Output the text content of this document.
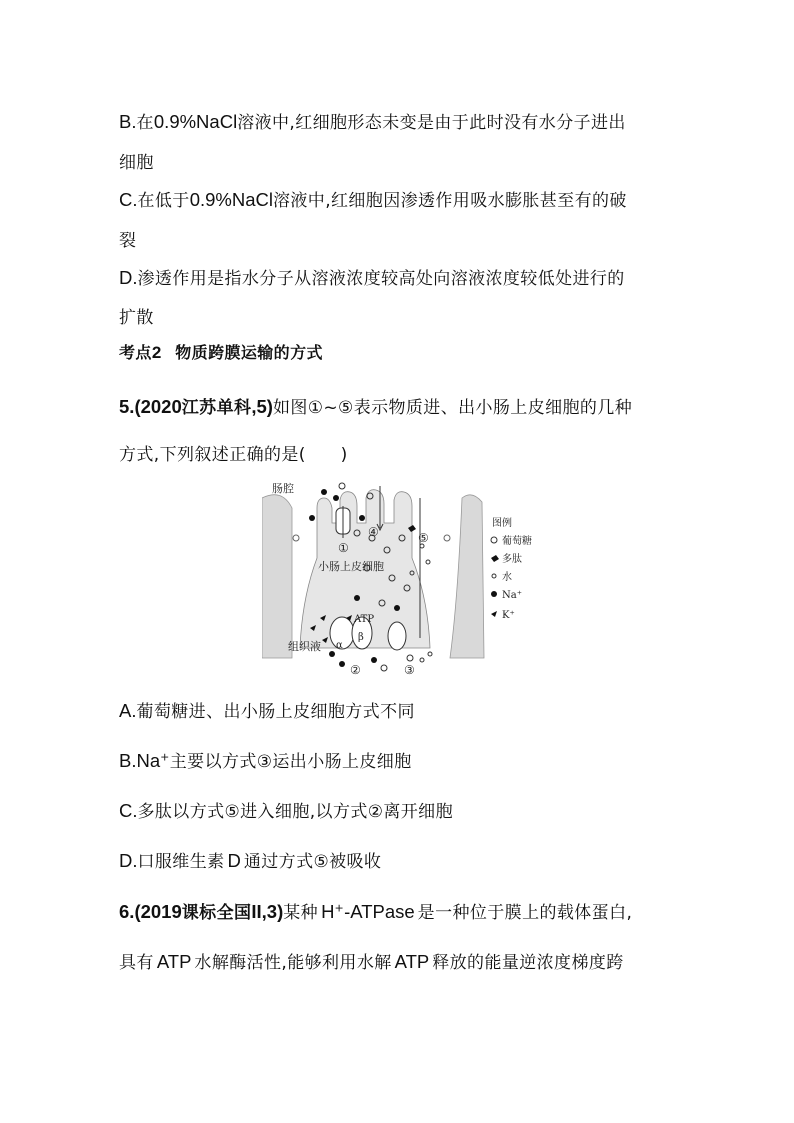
B.在0.9%NaCl溶液中,红细胞形态未变是由于此时没有水分子进出
细胞
C.在低于0.9%NaCl溶液中,红细胞因渗透作用吸水膨胀甚至有的破
裂
D.渗透作用是指水分子从溶液浓度较高处向溶液浓度较低处进行的
扩散
考点2 物质跨膜运输的方式
5.(2020江苏单科,5)如图①~⑤表示物质进、出小肠上皮细胞的几种
方式,下列叙述正确的是(　　)
肠腔
小肠上皮细胞
组织液
ATP
α
β
①
②	③
④	⑤
图例
葡萄糖
多肽
水
Na⁺
K⁺
A.葡萄糖进、出小肠上皮细胞方式不同
B.Na+主要以方式③运出小肠上皮细胞
C.多肽以方式⑤进入细胞,以方式②离开细胞
D.口服维生素 D 通过方式⑤被吸收
6.(2019课标全国II,3)某种 H+-ATPase 是一种位于膜上的载体蛋白,
具有 ATP 水解酶活性,能够利用水解 ATP 释放的能量逆浓度梯度跨
